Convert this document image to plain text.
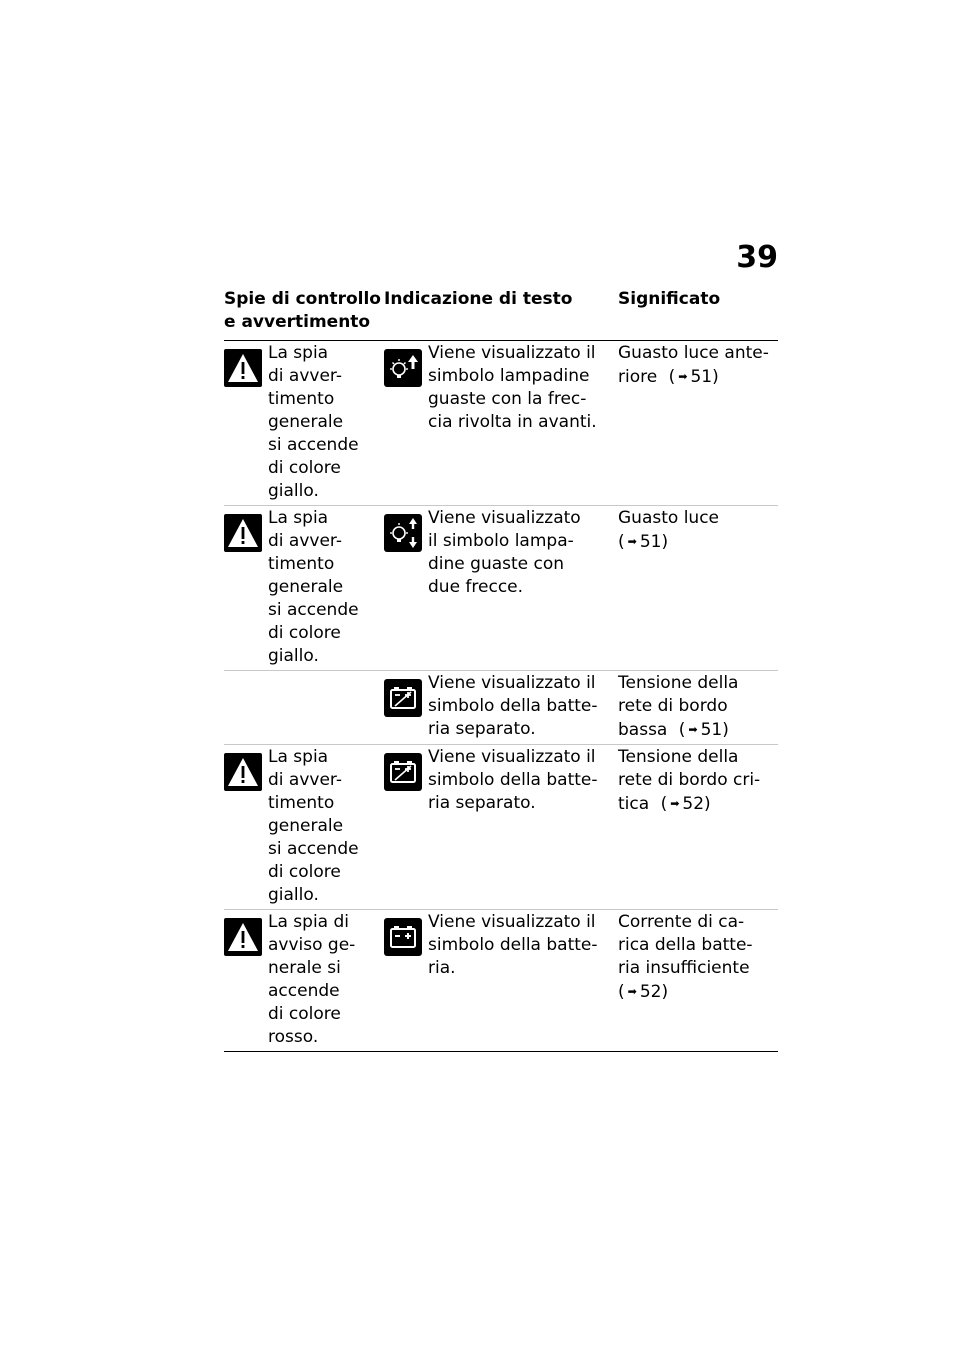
39
Spie di controllo
e avvertimento
Indicazione di testo	Significato
La spia
di avver-
timento
generale
si accende
di colore
giallo.
Viene visualizzato il
simbolo lampadine
guaste con la frec-
cia rivolta in avanti.
Guasto luce ante-
riore ( ➡ 51)
La spia
di avver-
timento
generale
si accende
di colore
giallo.
Viene visualizzato
il simbolo lampa-
dine guaste con
due frecce.
Guasto luce
( ➡ 51)
Viene visualizzato il
simbolo della batte-
ria separato.
Tensione della
rete di bordo
bassa ( ➡ 51)
La spia
di avver-
timento
generale
si accende
di colore
giallo.
Viene visualizzato il
simbolo della batte-
ria separato.
Tensione della
rete di bordo cri-
tica ( ➡ 52)
La spia di
avviso ge-
nerale si
accende
di colore
rosso.
Viene visualizzato il
simbolo della batte-
ria.
Corrente di ca-
rica della batte-
ria insufficiente
( ➡ 52)
